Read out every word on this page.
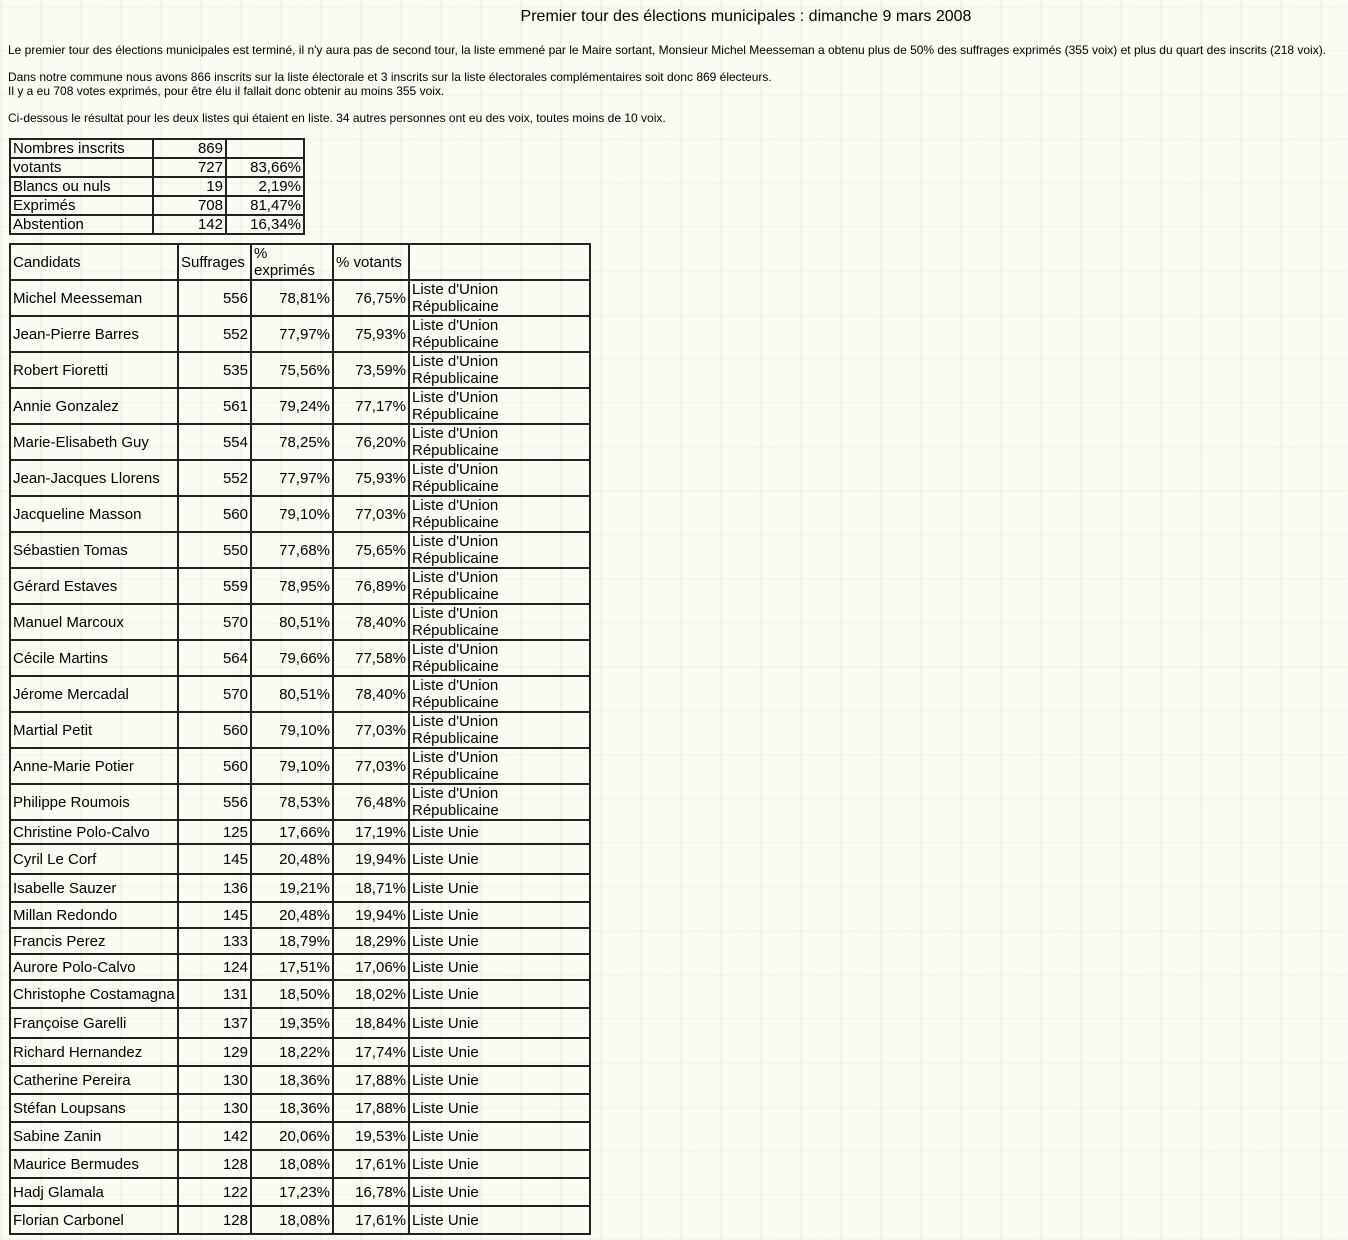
Premier tour des élections municipales : dimanche 9 mars 2008
Le premier tour des élections municipales est terminé, il n'y aura pas de second tour, la liste emmené par le Maire sortant, Monsieur Michel Meesseman a obtenu plus de 50% des suffrages exprimés (355 voix) et plus du quart des inscrits (218 voix).
Dans notre commune nous avons 866 inscrits sur la liste électorale et 3 inscrits sur la liste électorales complémentaires soit donc 869 électeurs.
Il y a eu 708 votes exprimés, pour être élu il fallait donc obtenir au moins 355 voix.
Ci-dessous le résultat pour les deux listes qui étaient en liste. 34 autres personnes ont eu des voix, toutes moins de 10 voix.
Nombres inscrits	869	
votants	727	83,66%
Blancs ou nuls	19	2,19%
Exprimés	708	81,47%
Abstention	142	16,34%
Candidats	Suffrages	% exprimés	% votants	
Michel Meesseman	556	78,81%	76,75%	Liste d'Union Républicaine
Jean-Pierre Barres	552	77,97%	75,93%	Liste d'Union Républicaine
Robert Fioretti	535	75,56%	73,59%	Liste d'Union Républicaine
Annie Gonzalez	561	79,24%	77,17%	Liste d'Union Républicaine
Marie-Elisabeth Guy	554	78,25%	76,20%	Liste d'Union Républicaine
Jean-Jacques Llorens	552	77,97%	75,93%	Liste d'Union Républicaine
Jacqueline Masson	560	79,10%	77,03%	Liste d'Union Républicaine
Sébastien Tomas	550	77,68%	75,65%	Liste d'Union Républicaine
Gérard Estaves	559	78,95%	76,89%	Liste d'Union Républicaine
Manuel Marcoux	570	80,51%	78,40%	Liste d'Union Républicaine
Cécile Martins	564	79,66%	77,58%	Liste d'Union Républicaine
Jérome Mercadal	570	80,51%	78,40%	Liste d'Union Républicaine
Martial Petit	560	79,10%	77,03%	Liste d'Union Républicaine
Anne-Marie Potier	560	79,10%	77,03%	Liste d'Union Républicaine
Philippe Roumois	556	78,53%	76,48%	Liste d'Union Républicaine
Christine Polo-Calvo	125	17,66%	17,19%	Liste Unie
Cyril Le Corf	145	20,48%	19,94%	Liste Unie
Isabelle Sauzer	136	19,21%	18,71%	Liste Unie
Millan Redondo	145	20,48%	19,94%	Liste Unie
Francis Perez	133	18,79%	18,29%	Liste Unie
Aurore Polo-Calvo	124	17,51%	17,06%	Liste Unie
Christophe Costamagna	131	18,50%	18,02%	Liste Unie
Françoise Garelli	137	19,35%	18,84%	Liste Unie
Richard Hernandez	129	18,22%	17,74%	Liste Unie
Catherine Pereira	130	18,36%	17,88%	Liste Unie
Stéfan Loupsans	130	18,36%	17,88%	Liste Unie
Sabine Zanin	142	20,06%	19,53%	Liste Unie
Maurice Bermudes	128	18,08%	17,61%	Liste Unie
Hadj Glamala	122	17,23%	16,78%	Liste Unie
Florian Carbonel	128	18,08%	17,61%	Liste Unie
